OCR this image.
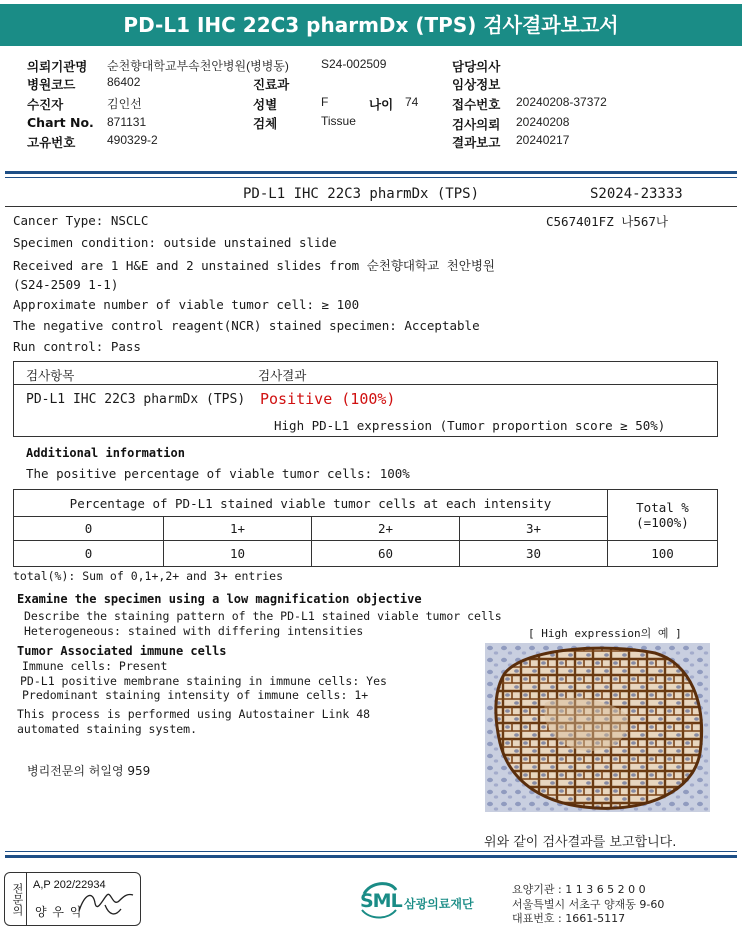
PD-L1 IHC 22C3 pharmDx (TPS) 검사결과보고서
의뢰기관명 순천향대학교부속천안병원(병병동)	S24-002509
병원코드	86402
수진자	김인선
Chart No. 871131
고유번호	490329-2
진료과
성별	F	나이 74
검체	Tissue
담당의사
임상정보
접수번호 20240208-37372
검사의뢰 20240208
결과보고 20240217
PD-L1 IHC 22C3 pharmDx (TPS)	S2024-23333
C567401FZ 나567나
Cancer Type: NSCLC
Specimen condition: outside unstained slide
Received are 1 H&E and 2 unstained slides from 순천향대학교 천안병원
(S24-2509 1-1)
Approximate number of viable tumor cell: ≥ 100
The negative control reagent(NCR) stained specimen: Acceptable
Run control: Pass
검사항목	검사결과
PD-L1 IHC 22C3 pharmDx (TPS) Positive (100%)
High PD-L1 expression (Tumor proportion score ≥ 50%)
Additional information
The positive percentage of viable tumor cells: 100%
Percentage of PD-L1 stained viable tumor cells at each intensity				Total %
(=100%)

0	1+	2+	3+	
0	10	60	30	100
total(%): Sum of 0,1+,2+ and 3+ entries
Examine the specimen using a low magnification objective
Describe the staining pattern of the PD-L1 stained viable tumor cells
Heterogeneous: stained with differing intensities	[ High expression의 예 ]
Tumor Associated immune cells
Immune cells: Present
PD-L1 positive membrane staining in immune cells: Yes
Predominant staining intensity of immune cells: 1+
This process is performed using Autostainer Link 48
automated staining system.
병리전문의 허일영 959
위와 같이 검사결과를 보고합니다.
전문의 A,P 202/22934
양 우 익	SML 삼광의료재단
요양기관 : 1 1 3 6 5 2 0 0
서울특별시 서초구 양재동 9-60
대표번호 : 1661-5117
